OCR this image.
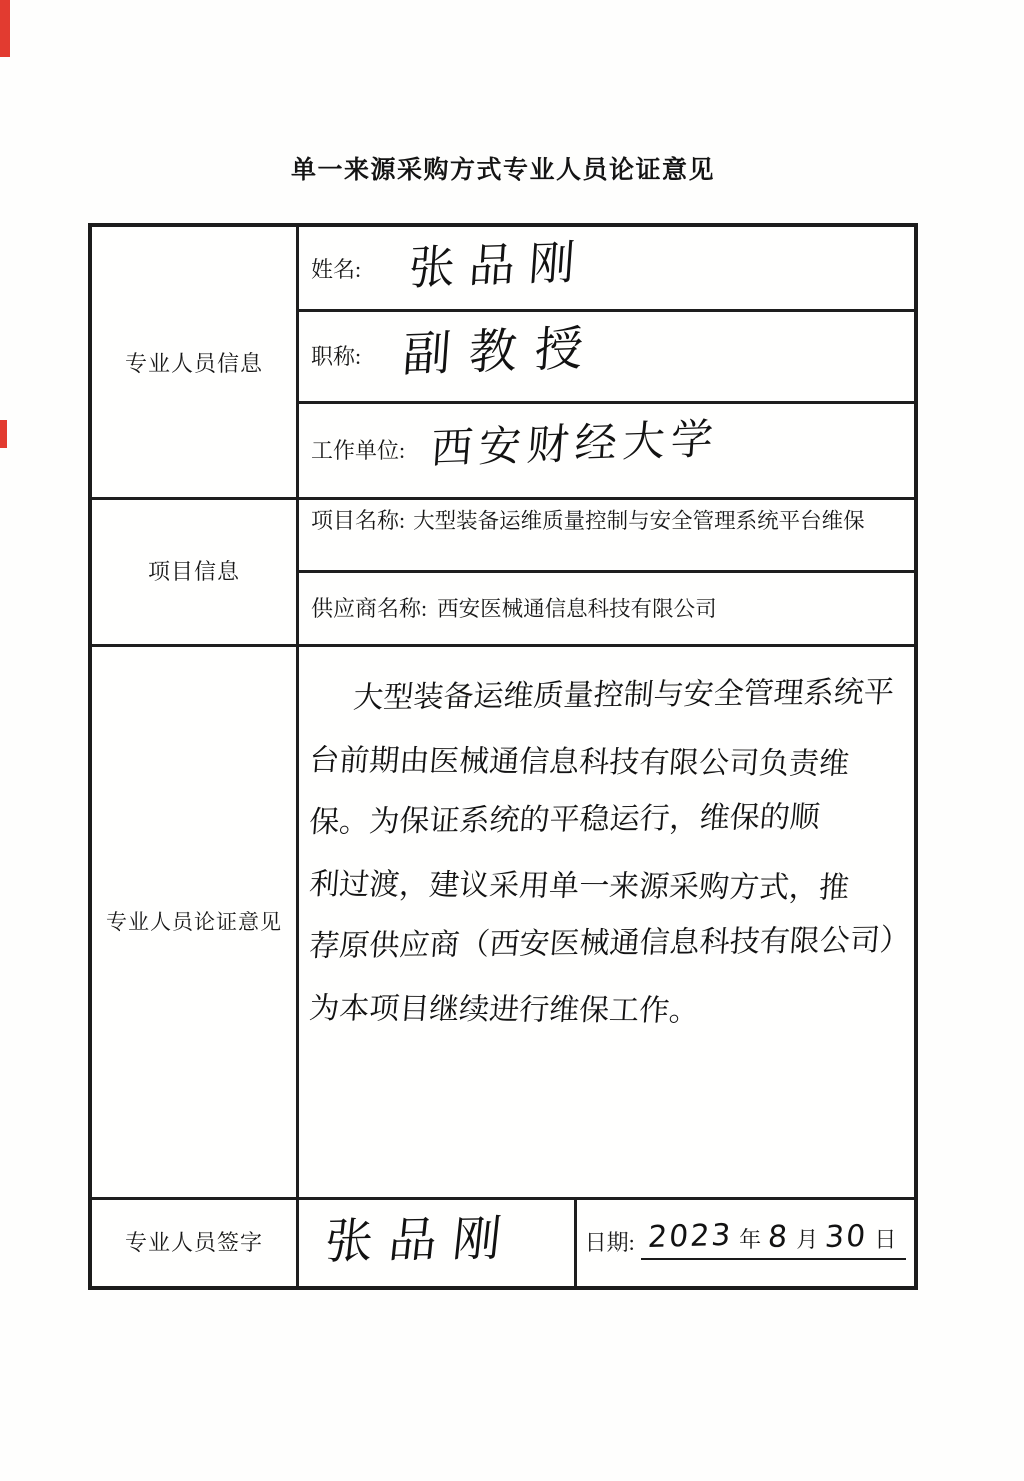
单一来源采购方式专业人员论证意见
专业人员信息
项目信息
专业人员论证意见
专业人员签字
姓名: 张品刚
职称: 副教授
工作单位: 西安财经大学
项目名称: 大型装备运维质量控制与安全管理系统平台维保
供应商名称: 西安医械通信息科技有限公司
大型装备运维质量控制与安全管理系统平
台前期由医械通信息科技有限公司负责维
保。为保证系统的平稳运行，维保的顺
利过渡，建议采用单一来源采购方式，推
荐原供应商（西安医械通信息科技有限公司）
为本项目继续进行维保工作。
张品刚	日期: 2023 年 8 月 30 日
